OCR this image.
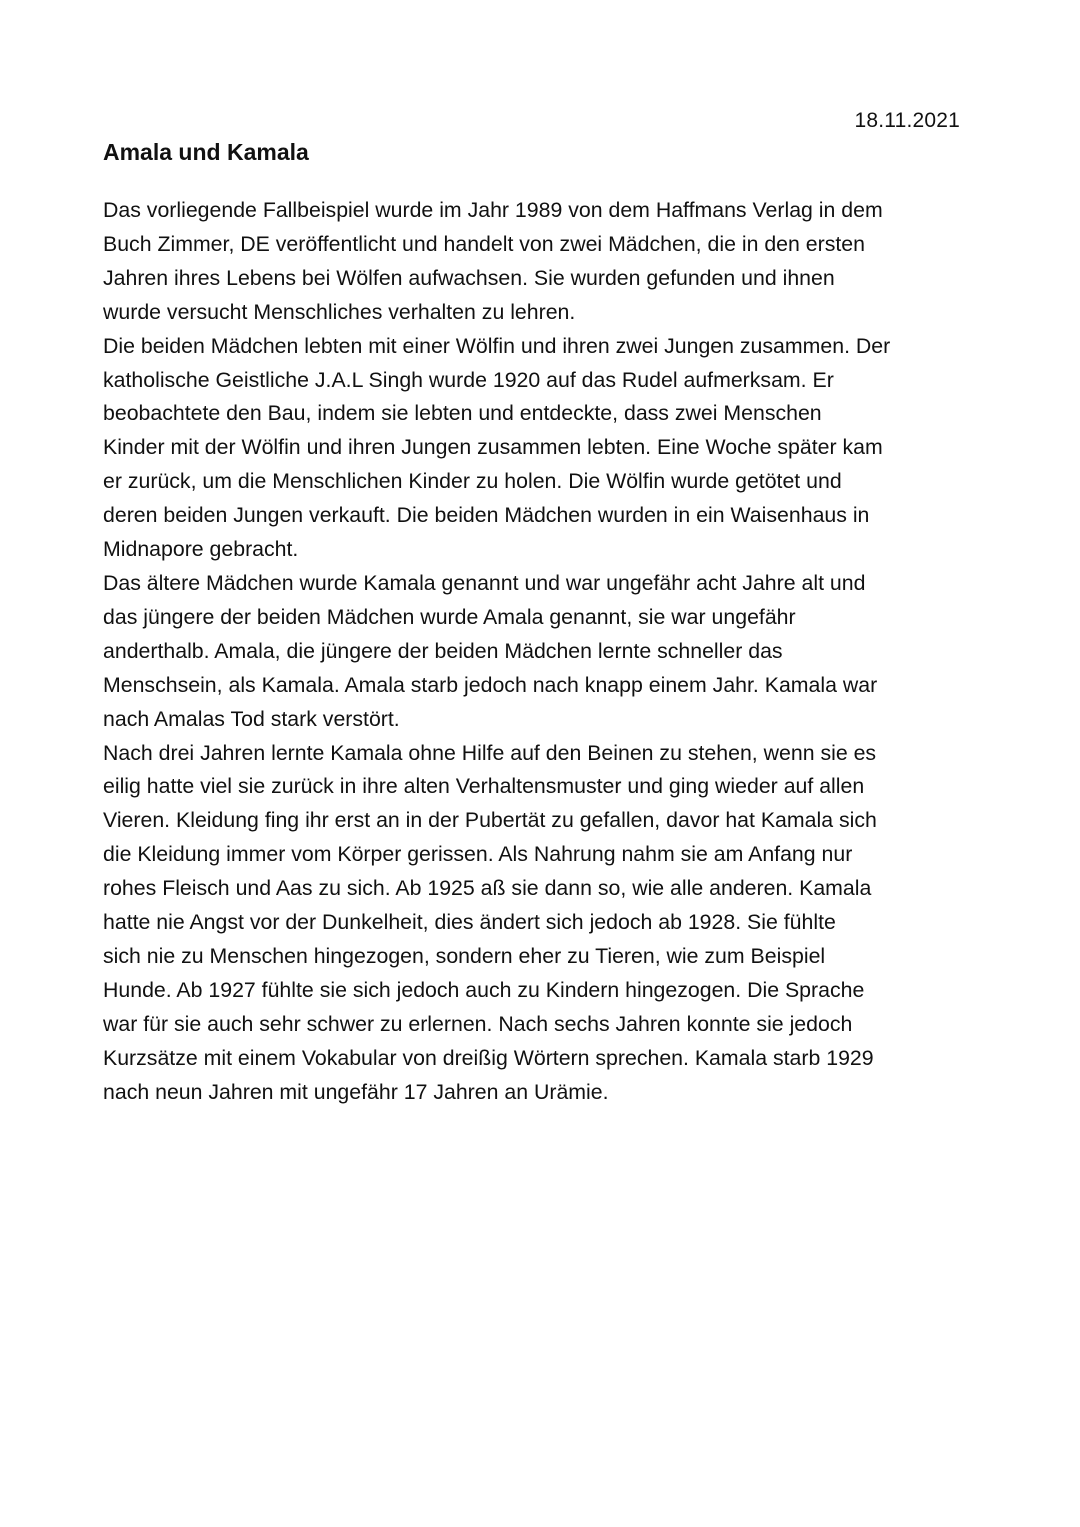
18.11.2021
Amala und Kamala
Das vorliegende Fallbeispiel wurde im Jahr 1989 von dem Haffmans Verlag in dem
Buch Zimmer, DE veröffentlicht und handelt von zwei Mädchen, die in den ersten
Jahren ihres Lebens bei Wölfen aufwachsen. Sie wurden gefunden und ihnen
wurde versucht Menschliches verhalten zu lehren.
Die beiden Mädchen lebten mit einer Wölfin und ihren zwei Jungen zusammen. Der
katholische Geistliche J.A.L Singh wurde 1920 auf das Rudel aufmerksam. Er
beobachtete den Bau, indem sie lebten und entdeckte, dass zwei Menschen
Kinder mit der Wölfin und ihren Jungen zusammen lebten. Eine Woche später kam
er zurück, um die Menschlichen Kinder zu holen. Die Wölfin wurde getötet und
deren beiden Jungen verkauft. Die beiden Mädchen wurden in ein Waisenhaus in
Midnapore gebracht.
Das ältere Mädchen wurde Kamala genannt und war ungefähr acht Jahre alt und
das jüngere der beiden Mädchen wurde Amala genannt, sie war ungefähr
anderthalb. Amala, die jüngere der beiden Mädchen lernte schneller das
Menschsein, als Kamala. Amala starb jedoch nach knapp einem Jahr. Kamala war
nach Amalas Tod stark verstört.
Nach drei Jahren lernte Kamala ohne Hilfe auf den Beinen zu stehen, wenn sie es
eilig hatte viel sie zurück in ihre alten Verhaltensmuster und ging wieder auf allen
Vieren. Kleidung fing ihr erst an in der Pubertät zu gefallen, davor hat Kamala sich
die Kleidung immer vom Körper gerissen. Als Nahrung nahm sie am Anfang nur
rohes Fleisch und Aas zu sich. Ab 1925 aß sie dann so, wie alle anderen. Kamala
hatte nie Angst vor der Dunkelheit, dies ändert sich jedoch ab 1928. Sie fühlte
sich nie zu Menschen hingezogen, sondern eher zu Tieren, wie zum Beispiel
Hunde. Ab 1927 fühlte sie sich jedoch auch zu Kindern hingezogen. Die Sprache
war für sie auch sehr schwer zu erlernen. Nach sechs Jahren konnte sie jedoch
Kurzsätze mit einem Vokabular von dreißig Wörtern sprechen. Kamala starb 1929
nach neun Jahren mit ungefähr 17 Jahren an Urämie.
